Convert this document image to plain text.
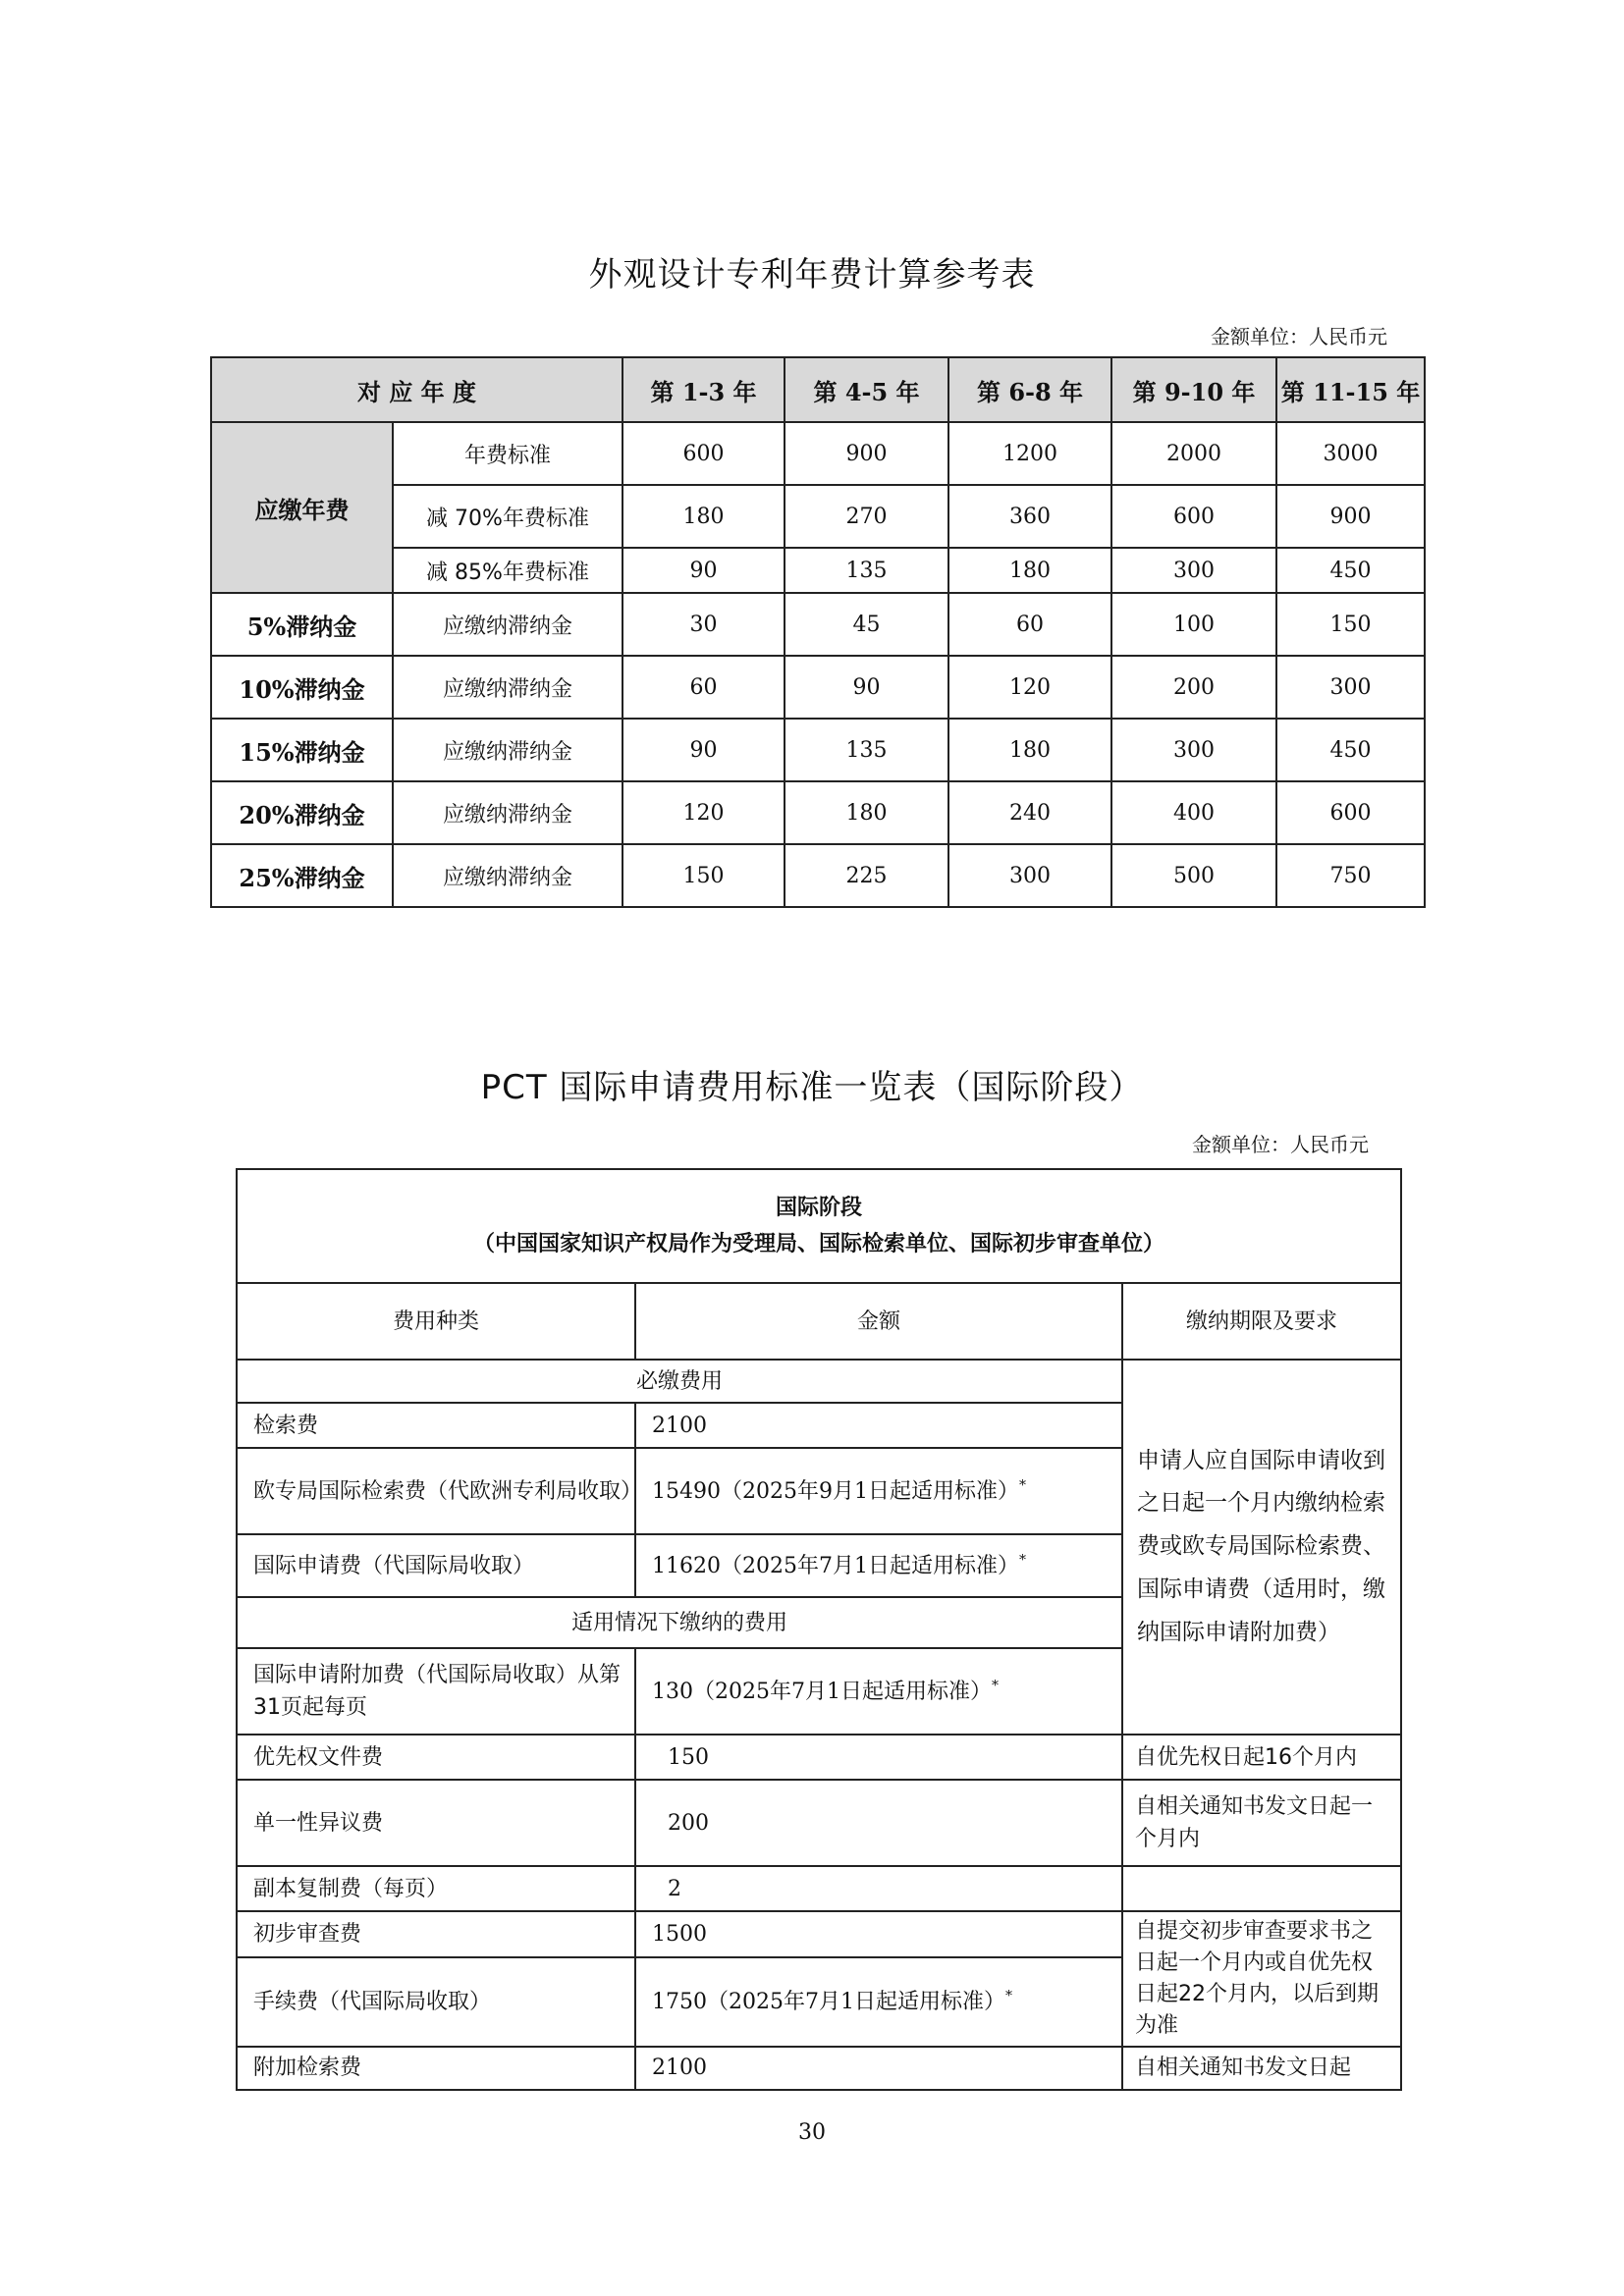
外观设计专利年费计算参考表
金额单位：人民币元
对 应 年 度		第 1-3 年	第 4-5 年	第 6-8 年	第 9-10 年	第 11-15 年
应缴年费	年费标准	600	900	1200	2000	3000
	减 70%年费标准	180	270	360	600	900
	减 85%年费标准	90	135	180	300	450
5%滞纳金	应缴纳滞纳金	30	45	60	100	150
10%滞纳金	应缴纳滞纳金	60	90	120	200	300
15%滞纳金	应缴纳滞纳金	90	135	180	300	450
20%滞纳金	应缴纳滞纳金	120	180	240	400	600
25%滞纳金	应缴纳滞纳金	150	225	300	500	750
PCT 国际申请费用标准一览表（国际阶段）
金额单位：人民币元
国际阶段
（中国国家知识产权局作为受理局、国际检索单位、国际初步审查单位）		

费用种类	金额	缴纳期限及要求
必缴费用		申请人应自国际申请收到之日起一个月内缴纳检索费或欧专局国际检索费、国际申请费（适用时，缴纳国际申请附加费）
检索费	2100	
欧专局国际检索费（代欧洲专利局收取）	15490（2025年9月1日起适用标准）*
国际申请费（代国际局收取）	11620（2025年7月1日起适用标准）*
适用情况下缴纳的费用		
国际申请附加费（代国际局收取）从第31页起每页	130（2025年7月1日起适用标准）*
优先权文件费	150	自优先权日起16个月内
单一性异议费	200	自相关通知书发文日起一个月内
副本复制费（每页）	2	
初步审查费	1500	自提交初步审查要求书之日起一个月内或自优先权日起22个月内，以后到期为准
手续费（代国际局收取）	1750（2025年7月1日起适用标准）*
附加检索费	2100	自相关通知书发文日起
30
